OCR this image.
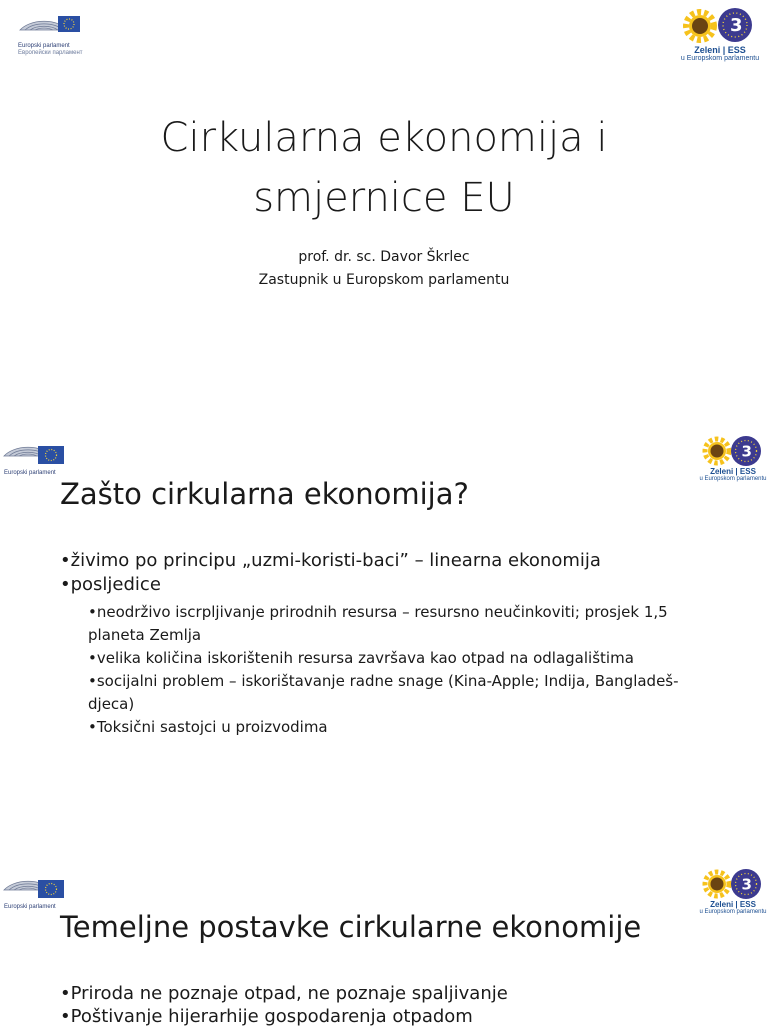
Europski parlament
Европейски парламент
3
Zeleni | ESS
u Europskom parlamentu
Cirkularna ekonomija i
smjernice EU
prof. dr. sc. Davor Škrlec
Zastupnik u Europskom parlamentu
Europski parlament
3
Zeleni | ESS
u Europskom parlamentu
Zašto cirkularna ekonomija?
•živimo po principu „uzmi-koristi-baci” – linearna ekonomija
•posljedice
•neodrživo iscrpljivanje prirodnih resursa – resursno neučinkoviti; prosjek 1,5 planeta Zemlja
•velika količina iskorištenih resursa završava kao otpad na odlagalištima
•socijalni problem – iskorištavanje radne snage (Kina-Apple; Indija, Bangladeš-djeca)
•Toksični sastojci u proizvodima
Europski parlament
3
Zeleni | ESS
u Europskom parlamentu
Temeljne postavke cirkularne ekonomije
•Priroda ne poznaje otpad, ne poznaje spaljivanje
•Poštivanje hijerarhije gospodarenja otpadom
